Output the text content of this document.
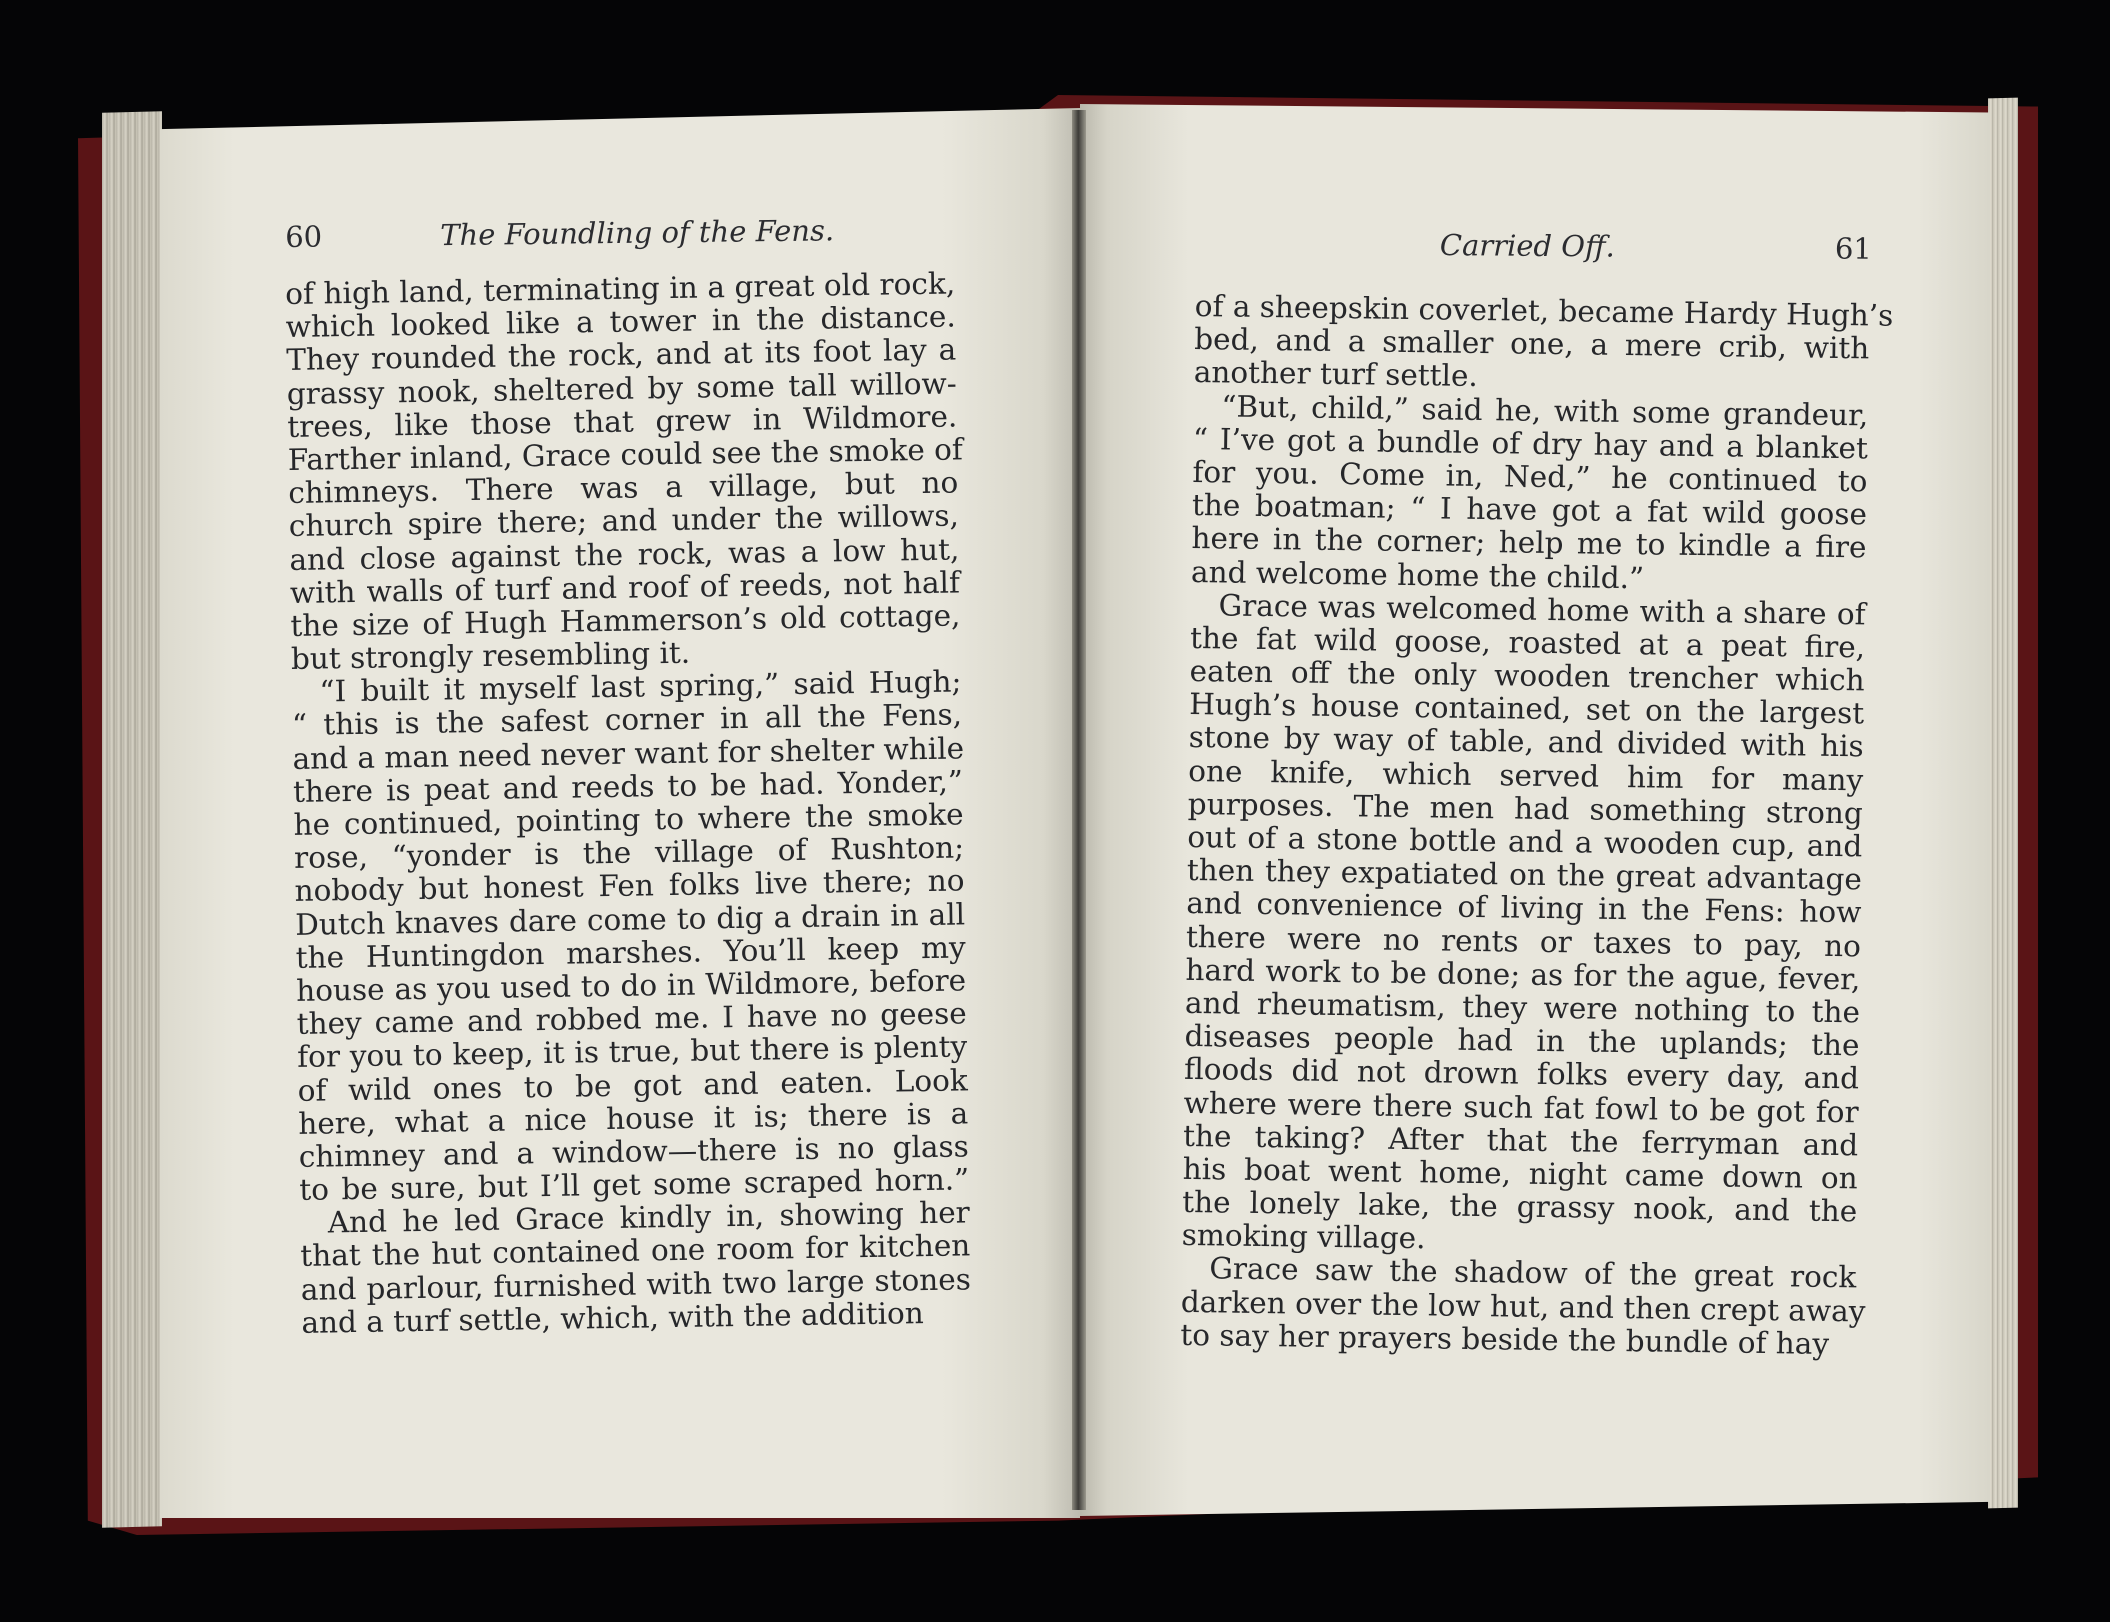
60	The Foundling of the Fens.
of high land, terminating in a great old rock,
which looked like a tower in the distance.
They rounded the rock, and at its foot lay a
grassy nook, sheltered by some tall willow-
trees, like those that grew in Wildmore.
Farther inland, Grace could see the smoke of
chimneys. There was a village, but no
church spire there; and under the willows,
and close against the rock, was a low hut,
with walls of turf and roof of reeds, not half
the size of Hugh Hammerson’s old cottage,
but strongly resembling it.
“I built it myself last spring,” said Hugh;
“ this is the safest corner in all the Fens,
and a man need never want for shelter while
there is peat and reeds to be had. Yonder,”
he continued, pointing to where the smoke
rose, “yonder is the village of Rushton;
nobody but honest Fen folks live there; no
Dutch knaves dare come to dig a drain in all
the Huntingdon marshes. You’ll keep my
house as you used to do in Wildmore, before
they came and robbed me. I have no geese
for you to keep, it is true, but there is plenty
of wild ones to be got and eaten. Look
here, what a nice house it is; there is a
chimney and a window—there is no glass
to be sure, but I’ll get some scraped horn.”
And he led Grace kindly in, showing her
that the hut contained one room for kitchen
and parlour, furnished with two large stones
and a turf settle, which, with the addition
Carried Off.	61
of a sheepskin coverlet, became Hardy Hugh’s
bed, and a smaller one, a mere crib, with
another turf settle.
“But, child,” said he, with some grandeur,
“ I’ve got a bundle of dry hay and a blanket
for you. Come in, Ned,” he continued to
the boatman; “ I have got a fat wild goose
here in the corner; help me to kindle a fire
and welcome home the child.”
Grace was welcomed home with a share of
the fat wild goose, roasted at a peat fire,
eaten off the only wooden trencher which
Hugh’s house contained, set on the largest
stone by way of table, and divided with his
one knife, which served him for many
purposes. The men had something strong
out of a stone bottle and a wooden cup, and
then they expatiated on the great advantage
and convenience of living in the Fens: how
there were no rents or taxes to pay, no
hard work to be done; as for the ague, fever,
and rheumatism, they were nothing to the
diseases people had in the uplands; the
floods did not drown folks every day, and
where were there such fat fowl to be got for
the taking? After that the ferryman and
his boat went home, night came down on
the lonely lake, the grassy nook, and the
smoking village.
Grace saw the shadow of the great rock
darken over the low hut, and then crept away
to say her prayers beside the bundle of hay
